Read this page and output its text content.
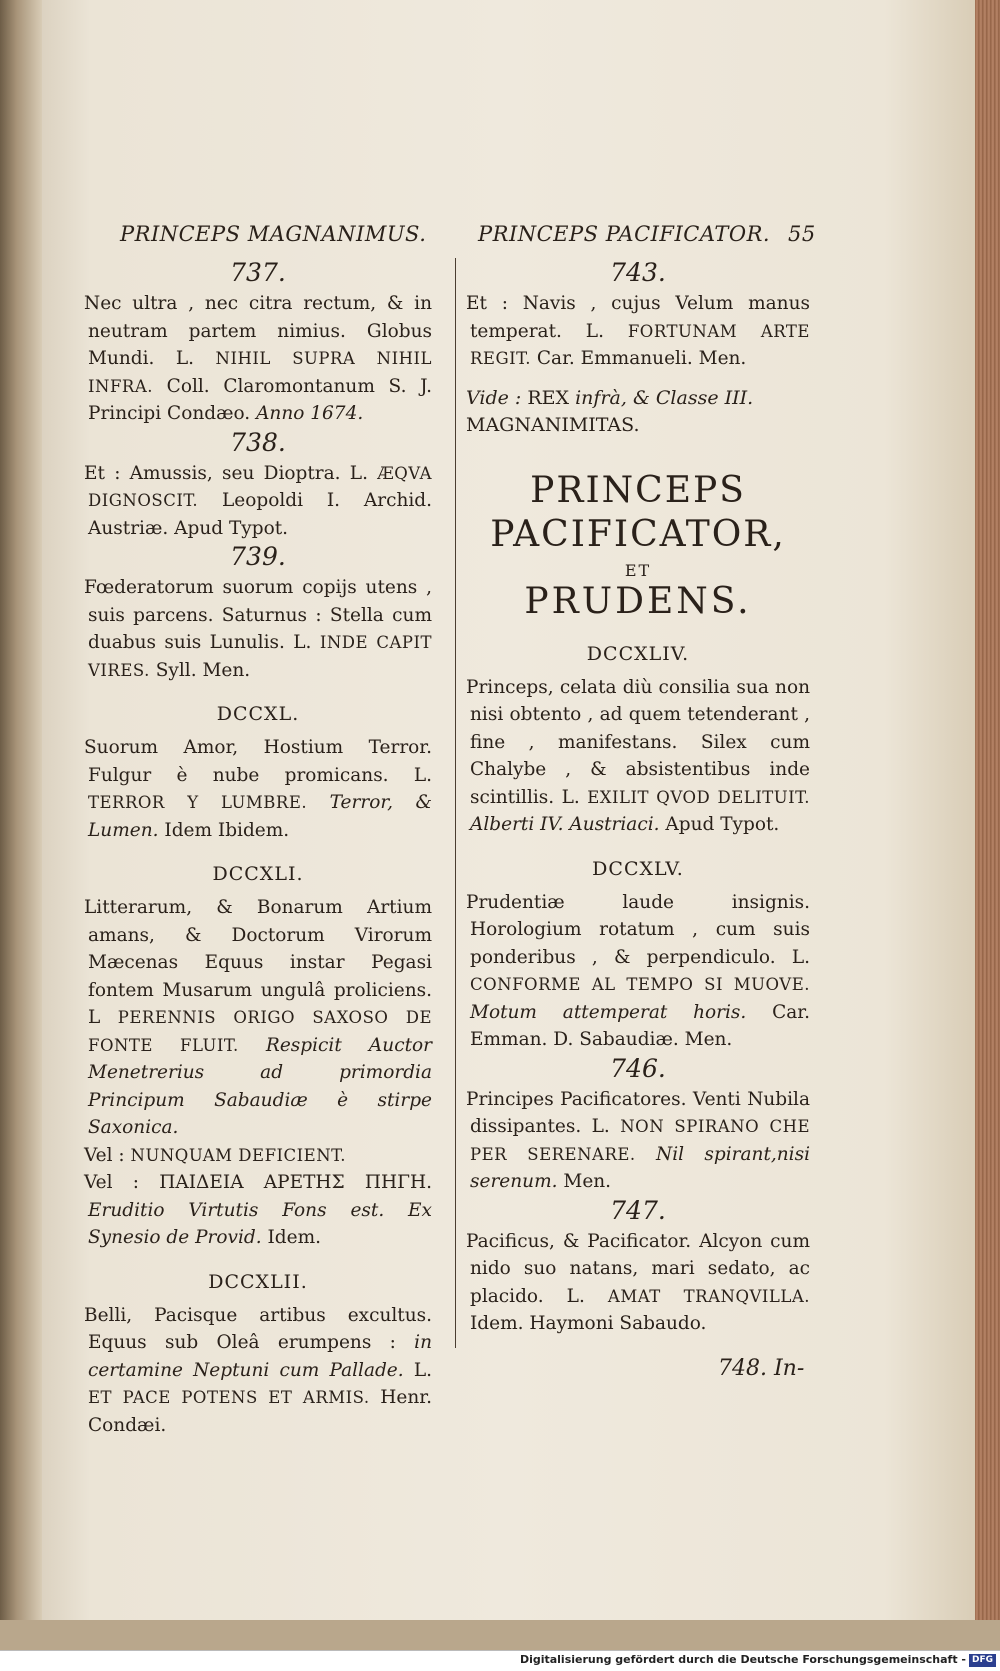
PRINCEPS MAGNANIMUS. PRINCEPS PACIFICATOR. 55
737.

Nec ultra , nec citra rectum, & in neutram partem nimius. Globus Mundi. L. NIHIL SUPRA NIHIL INFRA. Coll. Claromontanum S. J. Principi Condæo. Anno 1674.

738.

Et : Amussis, seu Dioptra. L. ÆQVA DIGNOSCIT. Leopoldi I. Archid. Austriæ. Apud Typot.

739.

Fœderatorum suorum copijs utens , suis parcens. Saturnus : Stella cum duabus suis Lunulis. L. INDE CAPIT VIRES. Syll. Men.

DCCXL.

Suorum Amor, Hostium Terror. Fulgur è nube promicans. L. TERROR Y LUMBRE. Terror, & Lumen. Idem Ibidem.

DCCXLI.

Litterarum, & Bonarum Artium amans, & Doctorum Virorum Mæcenas Equus instar Pegasi fontem Musarum ungulâ proliciens. L PERENNIS ORIGO SAXOSO DE FONTE FLUIT. Respicit Auctor Menetrerius ad primordia Principum Sabaudiæ è stirpe Saxonica.

Vel : NUNQUAM DEFICIENT.

Vel : ΠΑΙΔΕΙΑ ΑΡΕΤΗΣ ΠΗΓΗ. Eruditio Virtutis Fons est. Ex Synesio de Provid. Idem.

DCCXLII.

Belli, Pacisque artibus excultus. Equus sub Oleâ erumpens : in certamine Neptuni cum Pallade. L. ET PACE POTENS ET ARMIS. Henr. Condæi.

743.

Et : Navis , cujus Velum manus temperat. L. FORTUNAM ARTE REGIT. Car. Emmanueli. Men.

Vide : REX infrà, & Classe III. MAGNANIMITAS.

PRINCEPS PACIFICATOR,
ET
PRUDENS.
DCCXLIV.

Princeps, celata diù consilia sua non nisi obtento , ad quem tetenderant , fine , manifestans. Silex cum Chalybe , & absistentibus inde scintillis. L. EXILIT QVOD DELITUIT. Alberti IV. Austriaci. Apud Typot.

DCCXLV.

Prudentiæ laude insignis. Horologium rotatum , cum suis ponderibus , & perpendiculo. L. CONFORME AL TEMPO SI MUOVE. Motum attemperat horis. Car. Emman. D. Sabaudiæ. Men.

746.

Principes Pacificatores. Venti Nubila dissipantes. L. NON SPIRANO CHE PER SERENARE. Nil spirant,nisi serenum. Men.

747.

Pacificus, & Pacificator. Alcyon cum nido suo natans, mari sedato, ac placido. L. AMAT TRANQVILLA. Idem. Haymoni Sabaudo.

748. In-
Digitalisierung gefördert durch die Deutsche Forschungsgemeinschaft - DFG
